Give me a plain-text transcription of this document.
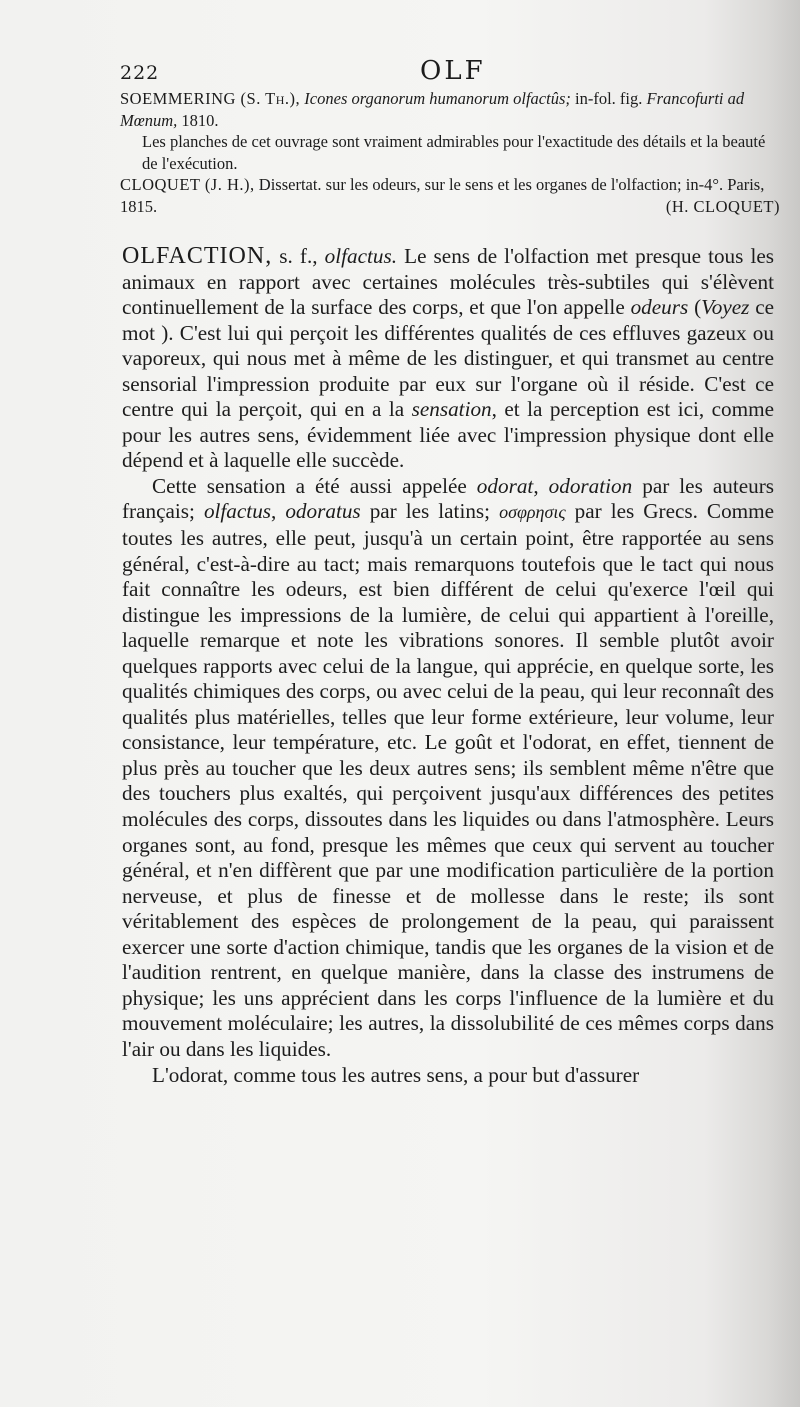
222	OLF
SOEMMERING (S. Th.), Icones organorum humanorum olfactûs; in-fol. fig. Francofurti ad Mœnum, 1810.
Les planches de cet ouvrage sont vraiment admirables pour l'exactitude des détails et la beauté de l'exécution.
CLOQUET (J. H.), Dissertat. sur les odeurs, sur le sens et les organes de l'olfaction; in-4°. Paris, 1815.	(H. CLOQUET)

OLFACTION, s. f., olfactus. Le sens de l'olfaction met presque tous les animaux en rapport avec certaines molécules très-subtiles qui s'élèvent continuellement de la surface des corps, et que l'on appelle odeurs (Voyez ce mot ). C'est lui qui perçoit les différentes qualités de ces effluves gazeux ou vaporeux, qui nous met à même de les distinguer, et qui transmet au centre sensorial l'impression produite par eux sur l'organe où il réside. C'est ce centre qui la perçoit, qui en a la sensation, et la perception est ici, comme pour les autres sens, évidemment liée avec l'impression physique dont elle dépend et à laquelle elle succède.

Cette sensation a été aussi appelée odorat, odoration par les auteurs français; olfactus, odoratus par les latins; οσφρησις par les Grecs. Comme toutes les autres, elle peut, jusqu'à un certain point, être rapportée au sens général, c'est-à-dire au tact; mais remarquons toutefois que le tact qui nous fait connaître les odeurs, est bien différent de celui qu'exerce l'œil qui distingue les impressions de la lumière, de celui qui appartient à l'oreille, laquelle remarque et note les vibrations sonores. Il semble plutôt avoir quelques rapports avec celui de la langue, qui apprécie, en quelque sorte, les qualités chimiques des corps, ou avec celui de la peau, qui leur reconnaît des qualités plus matérielles, telles que leur forme extérieure, leur volume, leur consistance, leur température, etc. Le goût et l'odorat, en effet, tiennent de plus près au toucher que les deux autres sens; ils semblent même n'être que des touchers plus exaltés, qui perçoivent jusqu'aux différences des petites molécules des corps, dissoutes dans les liquides ou dans l'atmosphère. Leurs organes sont, au fond, presque les mêmes que ceux qui servent au toucher général, et n'en diffèrent que par une modification particulière de la portion nerveuse, et plus de finesse et de mollesse dans le reste; ils sont véritablement des espèces de prolongement de la peau, qui paraissent exercer une sorte d'action chimique, tandis que les organes de la vision et de l'audition rentrent, en quelque manière, dans la classe des instrumens de physique; les uns apprécient dans les corps l'influence de la lumière et du mouvement moléculaire; les autres, la dissolubilité de ces mêmes corps dans l'air ou dans les liquides.

L'odorat, comme tous les autres sens, a pour but d'assurer
